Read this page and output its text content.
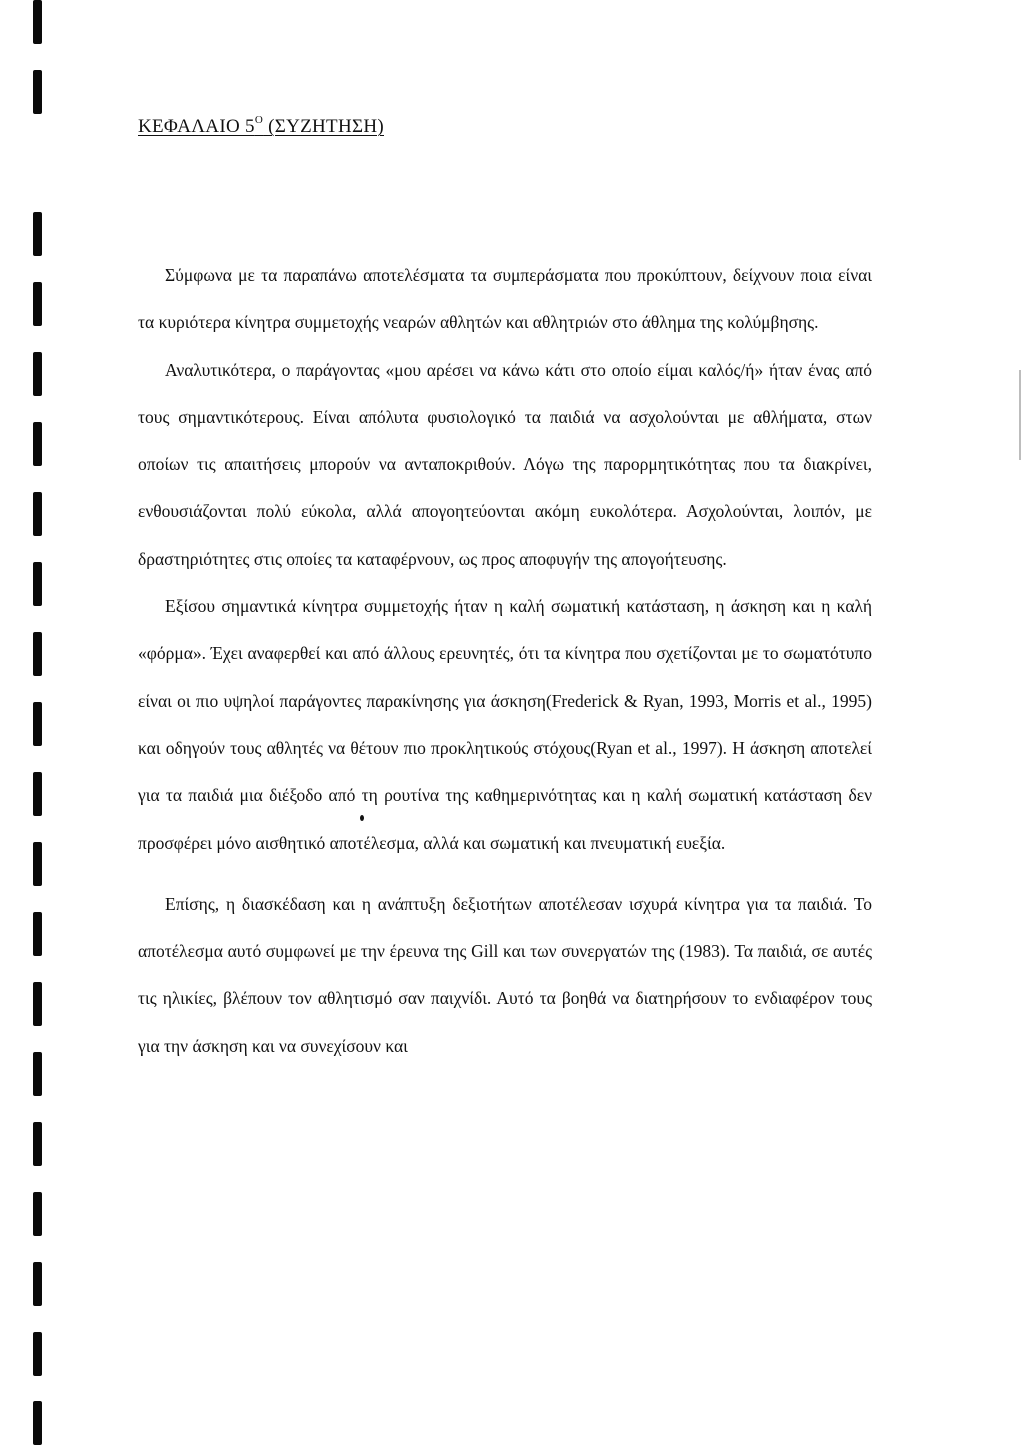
ΚΕΦΑΛΑΙΟ $5^O$ (ΣΥΖΗΤΗΣΗ)

Σύμφωνα με τα παραπάνω αποτελέσματα τα συμπεράσματα που προκύπτουν, δείχνουν ποια είναι τα κυριότερα κίνητρα συμμετοχής νεαρών αθλητών και αθλητριών στο άθλημα της κολύμβησης.

Αναλυτικότερα, ο παράγοντας «μου αρέσει να κάνω κάτι στο οποίο είμαι καλός/ή» ήταν ένας από τους σημαντικότερους. Είναι απόλυτα φυσιολογικό τα παιδιά να ασχολούνται με αθλήματα, στων οποίων τις απαιτήσεις μπορούν να ανταποκριθούν. Λόγω της παρορμητικότητας που τα διακρίνει, ενθουσιάζονται πολύ εύκολα, αλλά απογοητεύονται ακόμη ευκολότερα. Ασχολούνται, λοιπόν, με δραστηριότητες στις οποίες τα καταφέρνουν, ως προς αποφυγήν της απογοήτευσης.

Εξίσου σημαντικά κίνητρα συμμετοχής ήταν η καλή σωματική κατάσταση, η άσκηση και η καλή «φόρμα». Έχει αναφερθεί και από άλλους ερευνητές, ότι τα κίνητρα που σχετίζονται με το σωματότυπο είναι οι πιο υψηλοί παράγοντες παρακίνησης για άσκηση(Frederick & Ryan, 1993, Morris et al., 1995) και οδηγούν τους αθλητές να θέτουν πιο προκλητικούς στόχους(Ryan et al., 1997). Η άσκηση αποτελεί για τα παιδιά μια διέξοδο από τη ρουτίνα της καθημερινότητας και η καλή σωματική κατάσταση δεν προσφέρει μόνο αισθητικό αποτέλεσμα, αλλά και σωματική και πνευματική ευεξία.

Επίσης, η διασκέδαση και η ανάπτυξη δεξιοτήτων αποτέλεσαν ισχυρά κίνητρα για τα παιδιά. Το αποτέλεσμα αυτό συμφωνεί με την έρευνα της Gill και των συνεργατών της (1983). Τα παιδιά, σε αυτές τις ηλικίες, βλέπουν τον αθλητισμό σαν παιχνίδι. Αυτό τα βοηθά να διατηρήσουν το ενδιαφέρον τους για την άσκηση και να συνεχίσουν και
